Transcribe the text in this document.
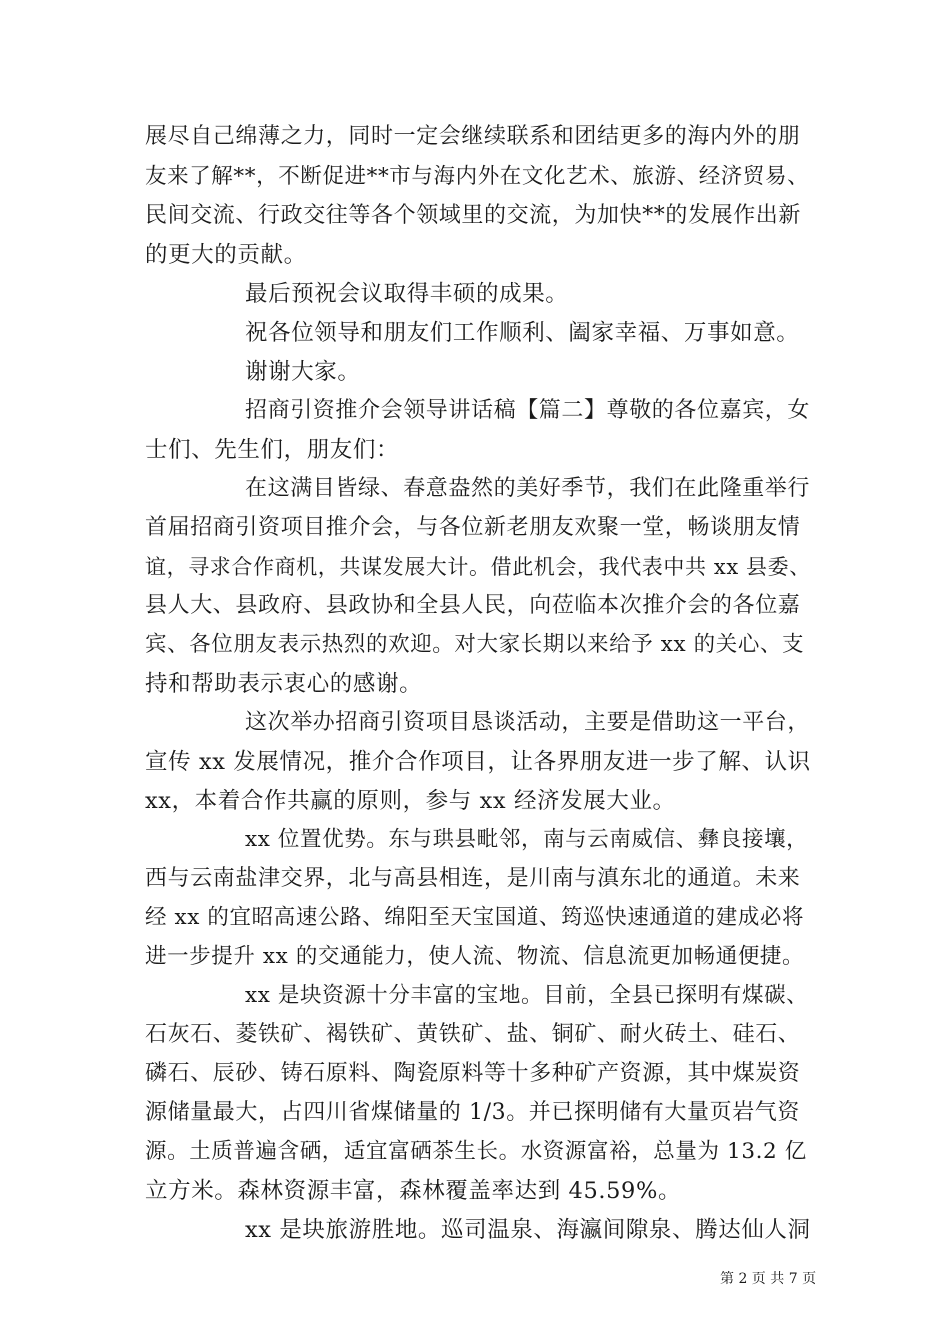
展尽自己绵薄之力，同时一定会继续联系和团结更多的海内外的朋
友来了解**，不断促进**市与海内外在文化艺术、旅游、经济贸易、
民间交流、行政交往等各个领域里的交流，为加快**的发展作出新
的更大的贡献。
最后预祝会议取得丰硕的成果。
祝各位领导和朋友们工作顺利、阖家幸福、万事如意。
谢谢大家。
招商引资推介会领导讲话稿【篇二】尊敬的各位嘉宾，女
士们、先生们，朋友们：
在这满目皆绿、春意盎然的美好季节，我们在此隆重举行
首届招商引资项目推介会，与各位新老朋友欢聚一堂，畅谈朋友情
谊，寻求合作商机，共谋发展大计。借此机会，我代表中共 xx 县委、
县人大、县政府、县政协和全县人民，向莅临本次推介会的各位嘉
宾、各位朋友表示热烈的欢迎。对大家长期以来给予 xx 的关心、支
持和帮助表示衷心的感谢。
这次举办招商引资项目恳谈活动，主要是借助这一平台，
宣传 xx 发展情况，推介合作项目，让各界朋友进一步了解、认识
xx，本着合作共赢的原则，参与 xx 经济发展大业。
xx 位置优势。东与珙县毗邻，南与云南威信、彝良接壤，
西与云南盐津交界，北与高县相连，是川南与滇东北的通道。未来
经 xx 的宜昭高速公路、绵阳至天宝国道、筠巡快速通道的建成必将
进一步提升 xx 的交通能力，使人流、物流、信息流更加畅通便捷。
xx 是块资源十分丰富的宝地。目前，全县已探明有煤碳、
石灰石、菱铁矿、褐铁矿、黄铁矿、盐、铜矿、耐火砖土、硅石、
磷石、辰砂、铸石原料、陶瓷原料等十多种矿产资源，其中煤炭资
源储量最大，占四川省煤储量的 1/3。并已探明储有大量页岩气资
源。土质普遍含硒，适宜富硒茶生长。水资源富裕，总量为 13.2 亿
立方米。森林资源丰富，森林覆盖率达到 45.59%。
xx 是块旅游胜地。巡司温泉、海瀛间隙泉、腾达仙人洞
第 2 页 共 7 页
